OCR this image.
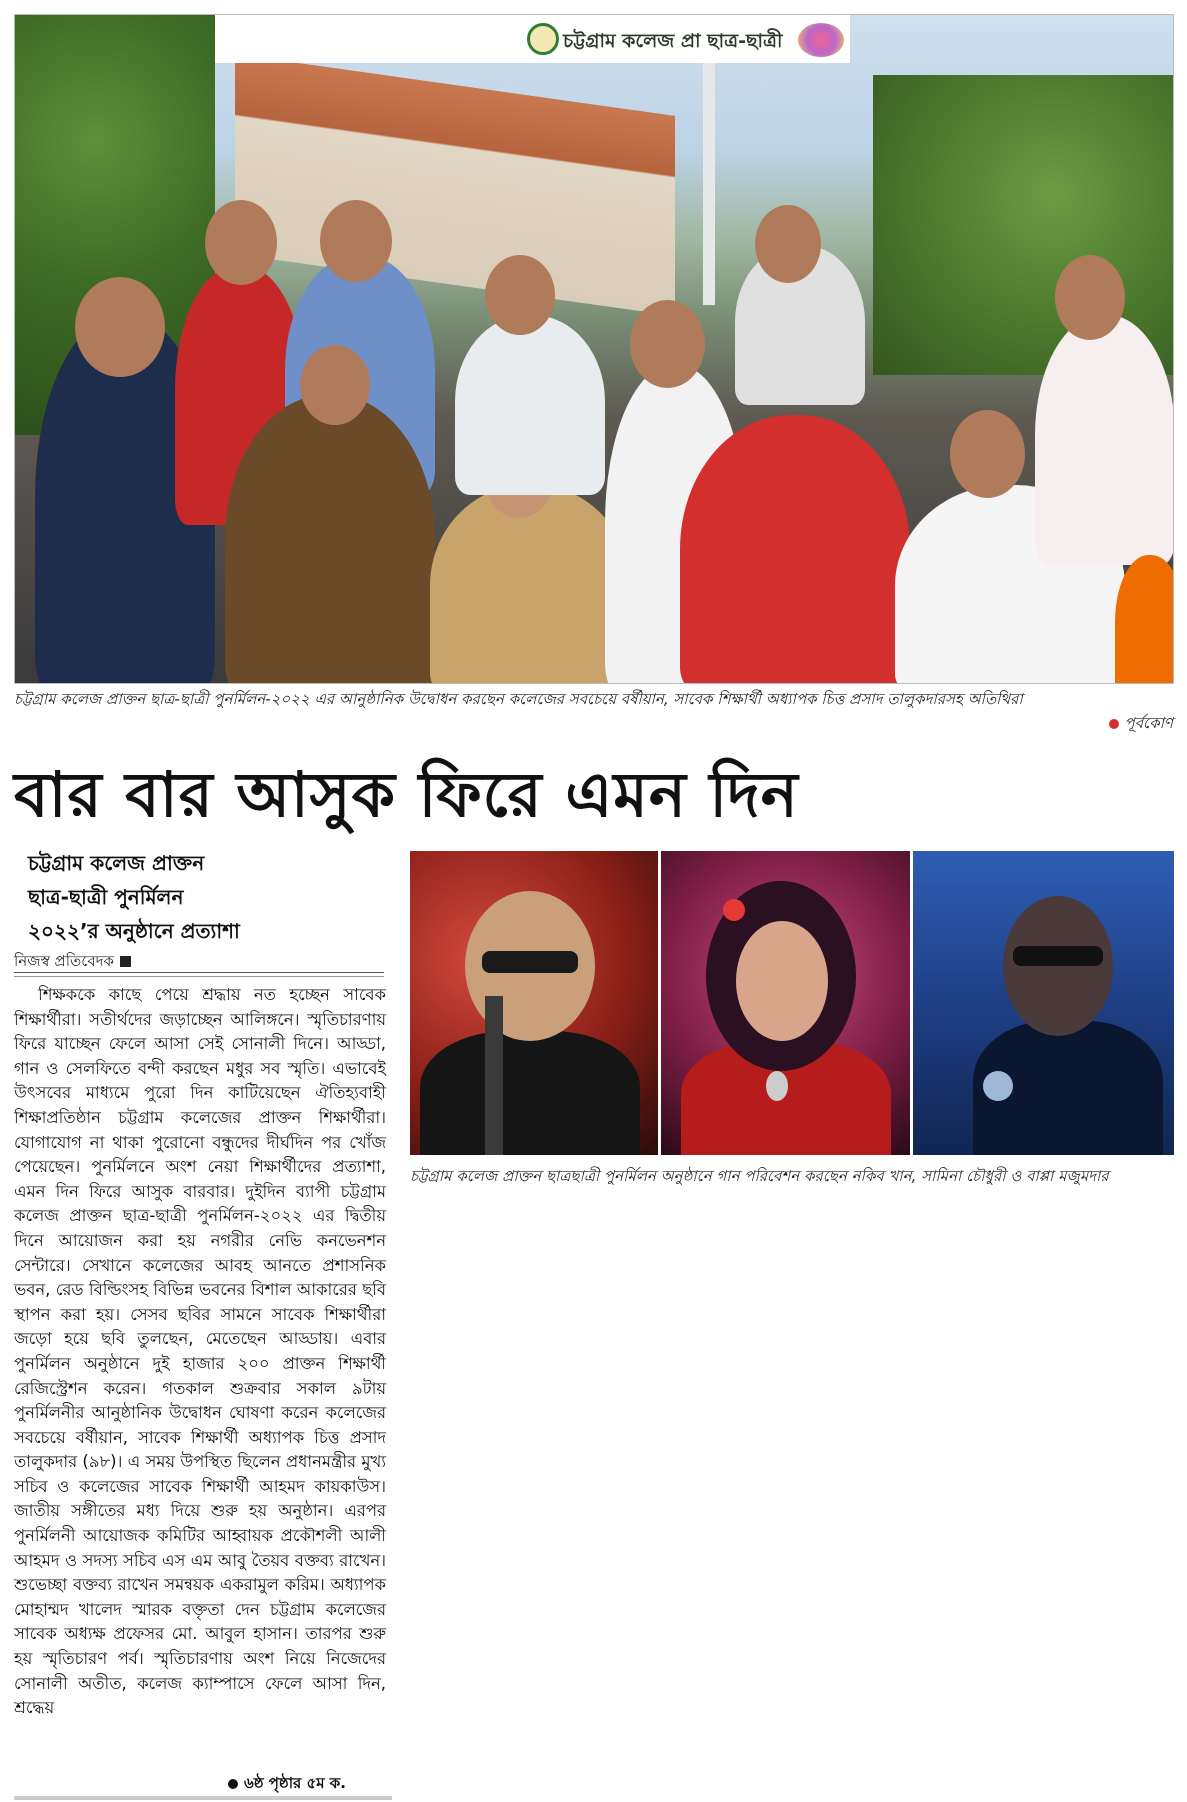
চট্টগ্রাম কলেজ প্রা ছাত্র-ছাত্রী
চট্টগ্রাম কলেজ প্রাক্তন ছাত্র-ছাত্রী পুনর্মিলন-২০২২ এর আনুষ্ঠানিক উদ্বোধন করছেন কলেজের সবচেয়ে বর্ষীয়ান, সাবেক শিক্ষার্থী অধ্যাপক চিত্ত প্রসাদ তালুকদারসহ অতিথিরা
পূর্বকোণ
বার বার আসুক ফিরে এমন দিন
চট্টগ্রাম কলেজ প্রাক্তন
ছাত্র-ছাত্রী পুনর্মিলন
২০২২’র অনুষ্ঠানে প্রত্যাশা
নিজস্ব প্রতিবেদক

শিক্ষককে কাছে পেয়ে শ্রদ্ধায় নত হচ্ছেন সাবেক শিক্ষার্থীরা। সতীর্থদের জড়াচ্ছেন আলিঙ্গনে। স্মৃতিচারণায় ফিরে যাচ্ছেন ফেলে আসা সেই সোনালী দিনে। আড্ডা, গান ও সেলফিতে বন্দী করছেন মধুর সব স্মৃতি। এভাবেই উৎসবের মাধ্যমে পুরো দিন কাটিয়েছেন ঐতিহ্যবাহী শিক্ষাপ্রতিষ্ঠান চট্টগ্রাম কলেজের প্রাক্তন শিক্ষার্থীরা। যোগাযোগ না থাকা পুরোনো বন্ধুদের দীর্ঘদিন পর খোঁজ পেয়েছেন। পুনর্মিলনে অংশ নেয়া শিক্ষার্থীদের প্রত্যাশা, এমন দিন ফিরে আসুক বারবার। দুইদিন ব্যাপী চট্টগ্রাম কলেজ প্রাক্তন ছাত্র-ছাত্রী পুনর্মিলন-২০২২ এর দ্বিতীয় দিনে আয়োজন করা হয় নগরীর নেভি কনভেনশন সেন্টারে। সেখানে কলেজের আবহ আনতে প্রশাসনিক ভবন, রেড বিল্ডিংসহ বিভিন্ন ভবনের বিশাল আকারের ছবি স্থাপন করা হয়। সেসব ছবির সামনে সাবেক শিক্ষার্থীরা জড়ো হয়ে ছবি তুলছেন, মেতেছেন আড্ডায়। এবার পুনর্মিলন অনুষ্ঠানে দুই হাজার ২০০ প্রাক্তন শিক্ষার্থী রেজিস্ট্রেশন করেন। গতকাল শুক্রবার সকাল ৯টায় পুনর্মিলনীর আনুষ্ঠানিক উদ্বোধন ঘোষণা করেন কলেজের সবচেয়ে বর্ষীয়ান, সাবেক শিক্ষার্থী অধ্যাপক চিত্ত প্রসাদ তালুকদার (৯৮)। এ সময় উপস্থিত ছিলেন প্রধানমন্ত্রীর মুখ্য সচিব ও কলেজের সাবেক শিক্ষার্থী আহমদ কায়কাউস। জাতীয় সঙ্গীতের মধ্য দিয়ে শুরু হয় অনুষ্ঠান। এরপর পুনর্মিলনী আয়োজক কমিটির আহ্বায়ক প্রকৌশলী আলী আহমদ ও সদস্য সচিব এস এম আবু তৈয়ব বক্তব্য রাখেন। শুভেচ্ছা বক্তব্য রাখেন সমন্বয়ক একরামুল করিম। অধ্যাপক মোহাম্মদ খালেদ স্মারক বক্তৃতা দেন চট্টগ্রাম কলেজের সাবেক অধ্যক্ষ প্রফেসর মো. আবুল হাসান। তারপর শুরু হয় স্মৃতিচারণ পর্ব। স্মৃতিচারণায় অংশ নিয়ে নিজেদের সোনালী অতীত, কলেজ ক্যাম্পাসে ফেলে আসা দিন, শ্রদ্ধেয়

৬ষ্ঠ পৃষ্ঠার ৫ম ক.
চট্টগ্রাম কলেজ প্রাক্তন ছাত্রছাত্রী পুনর্মিলন অনুষ্ঠানে গান পরিবেশন করছেন নকিব খান, সামিনা চৌধুরী ও বাপ্পা মজুমদার
